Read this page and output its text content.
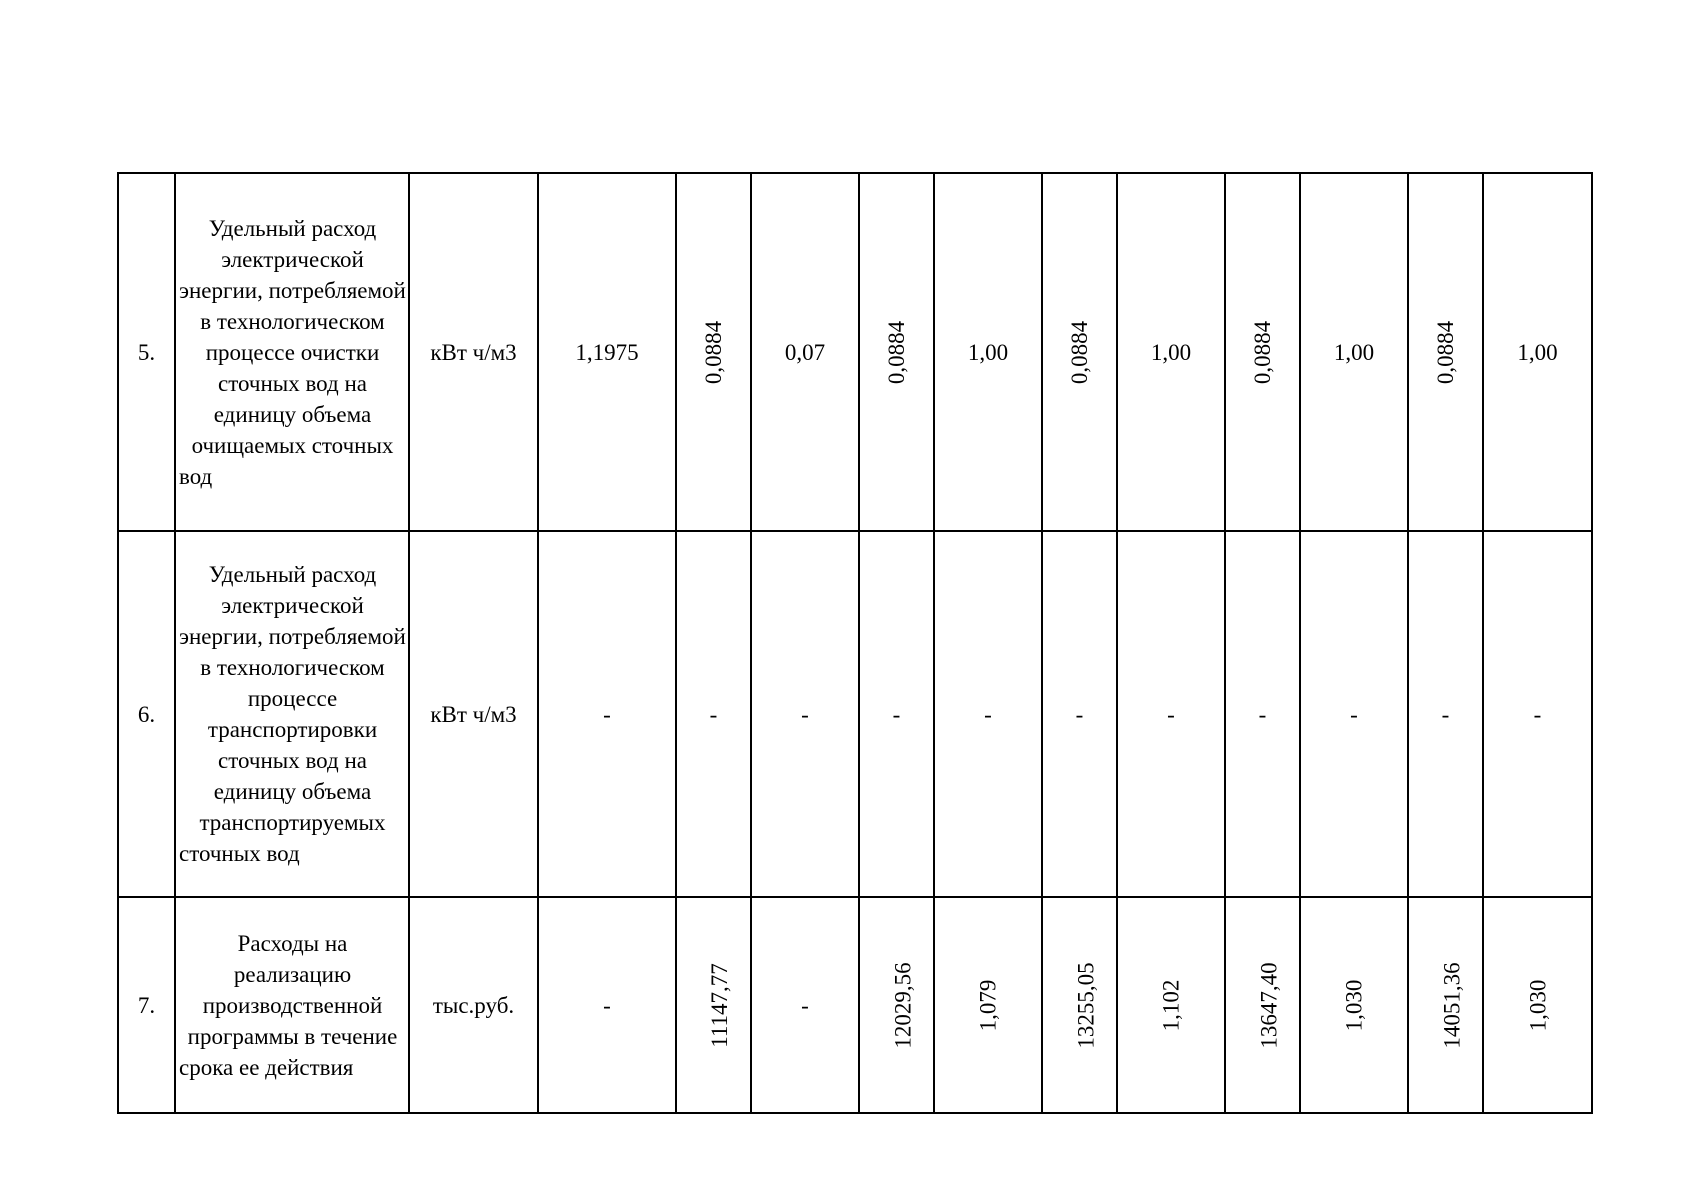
5.	Удельный расход электрической энергии, потребляемой в технологическом процессе очистки сточных вод на единицу объема очищаемых сточных вод	кВт ч/м3	1,1975	0,0884	0,07	0,0884	1,00	0,0884	1,00	0,0884	1,00	0,0884	1,00
6.	Удельный расход электрической энергии, потребляемой в технологическом процессе транспортировки сточных вод на единицу объема транспортируемых сточных вод	кВт ч/м3	-	-	-	-	-	-	-	-	-	-	-
7.	Расходы на реализацию производственной программы в течение срока ее действия	тыс.руб.	-	11147,77	-	12029,56	1,079	13255,05	1,102	13647,40	1,030	14051,36	1,030
